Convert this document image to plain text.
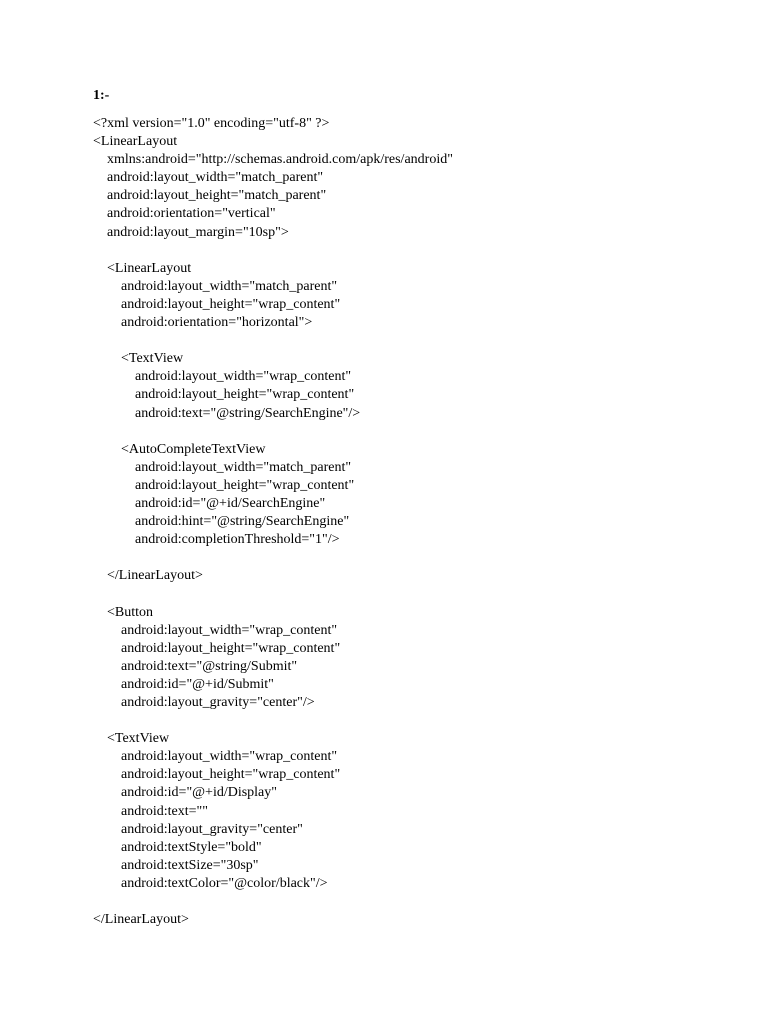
1:-
<?xml version="1.0" encoding="utf-8" ?>
<LinearLayout
xmlns:android="http://schemas.android.com/apk/res/android"
android:layout_width="match_parent"
android:layout_height="match_parent"
android:orientation="vertical"
android:layout_margin="10sp">
<LinearLayout
android:layout_width="match_parent"
android:layout_height="wrap_content"
android:orientation="horizontal">
<TextView
android:layout_width="wrap_content"
android:layout_height="wrap_content"
android:text="@string/SearchEngine"/>
<AutoCompleteTextView
android:layout_width="match_parent"
android:layout_height="wrap_content"
android:id="@+id/SearchEngine"
android:hint="@string/SearchEngine"
android:completionThreshold="1"/>
</LinearLayout>
<Button
android:layout_width="wrap_content"
android:layout_height="wrap_content"
android:text="@string/Submit"
android:id="@+id/Submit"
android:layout_gravity="center"/>
<TextView
android:layout_width="wrap_content"
android:layout_height="wrap_content"
android:id="@+id/Display"
android:text=""
android:layout_gravity="center"
android:textStyle="bold"
android:textSize="30sp"
android:textColor="@color/black"/>
</LinearLayout>
